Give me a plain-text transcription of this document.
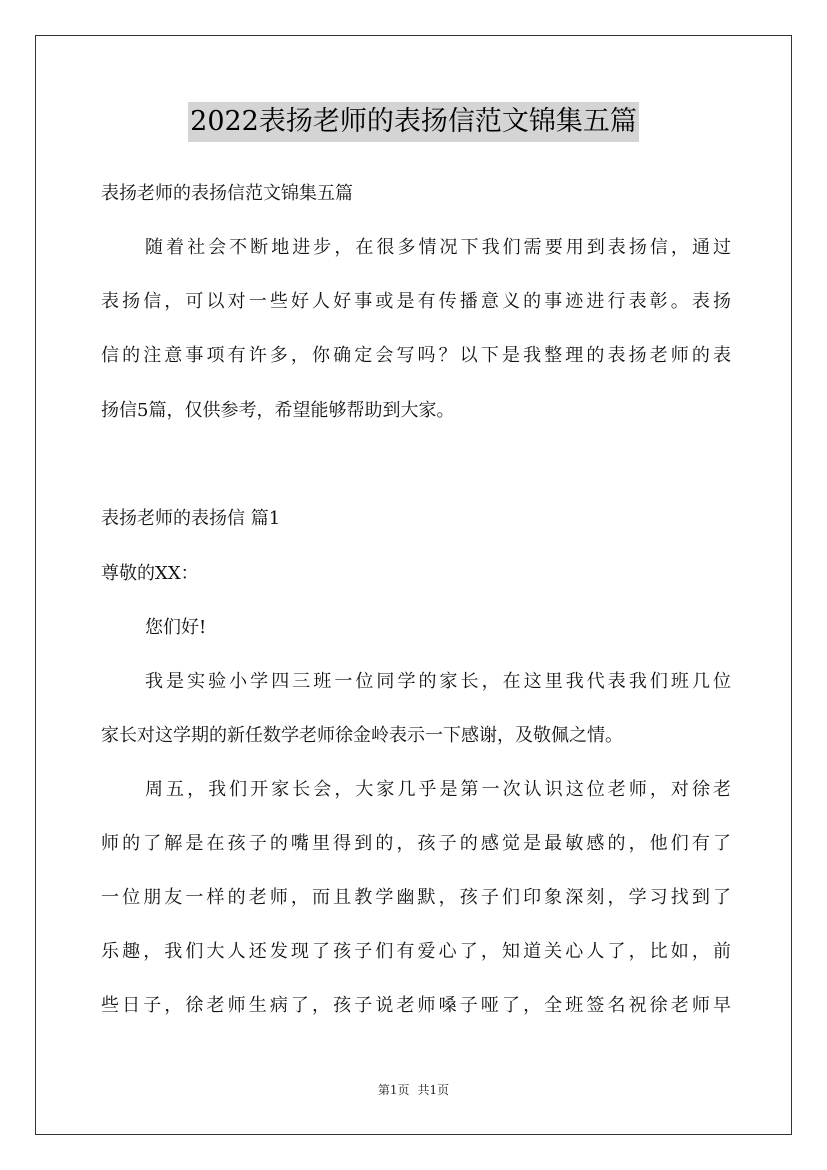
2022表扬老师的表扬信范文锦集五篇

表扬老师的表扬信范文锦集五篇

随着社会不断地进步，在很多情况下我们需要用到表扬信，通过

表扬信，可以对一些好人好事或是有传播意义的事迹进行表彰。表扬

信的注意事项有许多，你确定会写吗？以下是我整理的表扬老师的表

扬信5篇，仅供参考，希望能够帮助到大家。

表扬老师的表扬信 篇1

尊敬的XX：

您们好!

我是实验小学四三班一位同学的家长，在这里我代表我们班几位

家长对这学期的新任数学老师徐金岭表示一下感谢，及敬佩之情。

周五，我们开家长会，大家几乎是第一次认识这位老师，对徐老

师的了解是在孩子的嘴里得到的，孩子的感觉是最敏感的，他们有了

一位朋友一样的老师，而且教学幽默，孩子们印象深刻，学习找到了

乐趣，我们大人还发现了孩子们有爱心了，知道关心人了，比如，前

些日子，徐老师生病了，孩子说老师嗓子哑了，全班签名祝徐老师早

第1页 共1页
